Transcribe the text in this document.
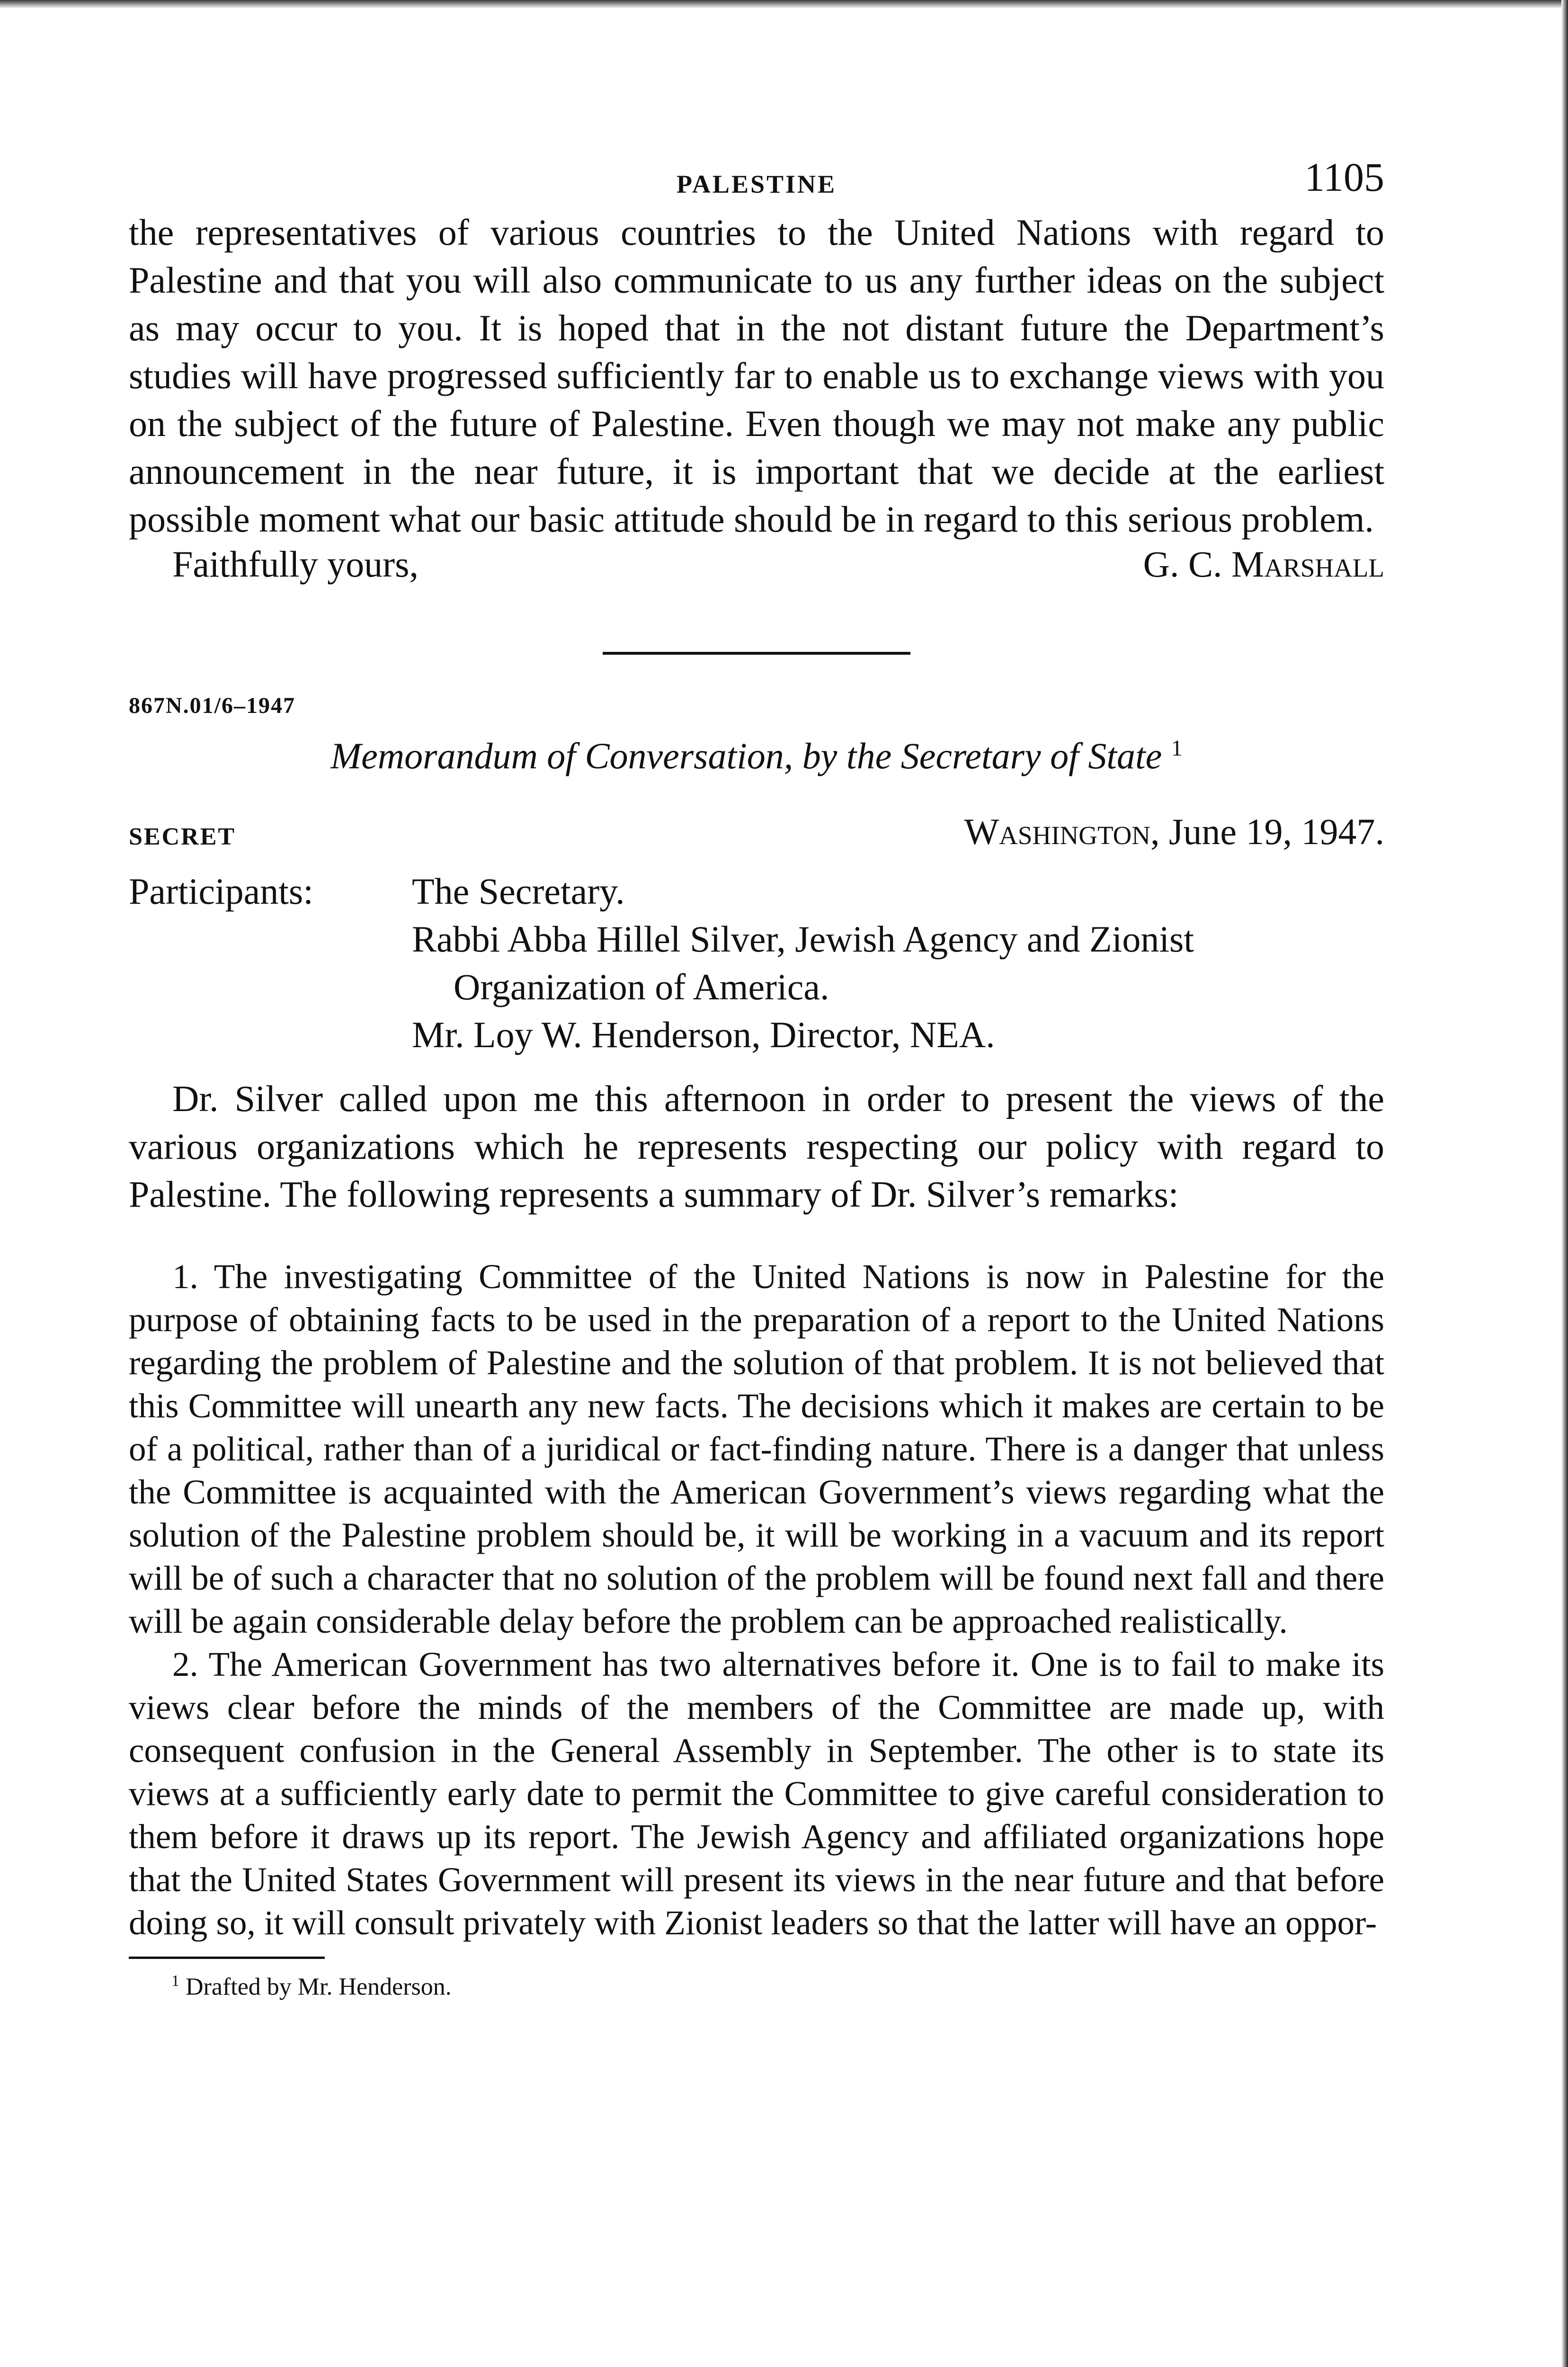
PALESTINE	1105

the representatives of various countries to the United Nations with regard to Palestine and that you will also communicate to us any further ideas on the subject as may occur to you. It is hoped that in the not distant future the Department’s studies will have progressed sufficiently far to enable us to exchange views with you on the subject of the future of Palestine. Even though we may not make any public announcement in the near future, it is important that we decide at the earliest possible moment what our basic attitude should be in regard to this serious problem.

Faithfully yours,	G. C. Marshall
867N.01/6–1947
Memorandum of Conversation, by the Secretary of State $^1$
SECRET	Washington, June 19, 1947.
Participants:	The Secretary.
Rabbi Abba Hillel Silver, Jewish Agency and Zionist
Organization of America.
Mr. Loy W. Henderson, Director, NEA.

Dr. Silver called upon me this afternoon in order to present the views of the various organizations which he represents respecting our policy with regard to Palestine. The following represents a summary of Dr. Silver’s remarks:

1. The investigating Committee of the United Nations is now in Palestine for the purpose of obtaining facts to be used in the preparation of a report to the United Nations regarding the problem of Palestine and the solution of that problem. It is not believed that this Committee will unearth any new facts. The decisions which it makes are certain to be of a political, rather than of a juridical or fact-finding nature. There is a danger that unless the Committee is acquainted with the American Government’s views regarding what the solution of the Palestine problem should be, it will be working in a vacuum and its report will be of such a character that no solution of the problem will be found next fall and there will be again considerable delay before the problem can be approached realistically.

2. The American Government has two alternatives before it. One is to fail to make its views clear before the minds of the members of the Committee are made up, with consequent confusion in the General Assembly in September. The other is to state its views at a sufficiently early date to permit the Committee to give careful consideration to them before it draws up its report. The Jewish Agency and affiliated organizations hope that the United States Government will present its views in the near future and that before doing so, it will consult privately with Zionist leaders so that the latter will have an oppor-

$^1$ Drafted by Mr. Henderson.
